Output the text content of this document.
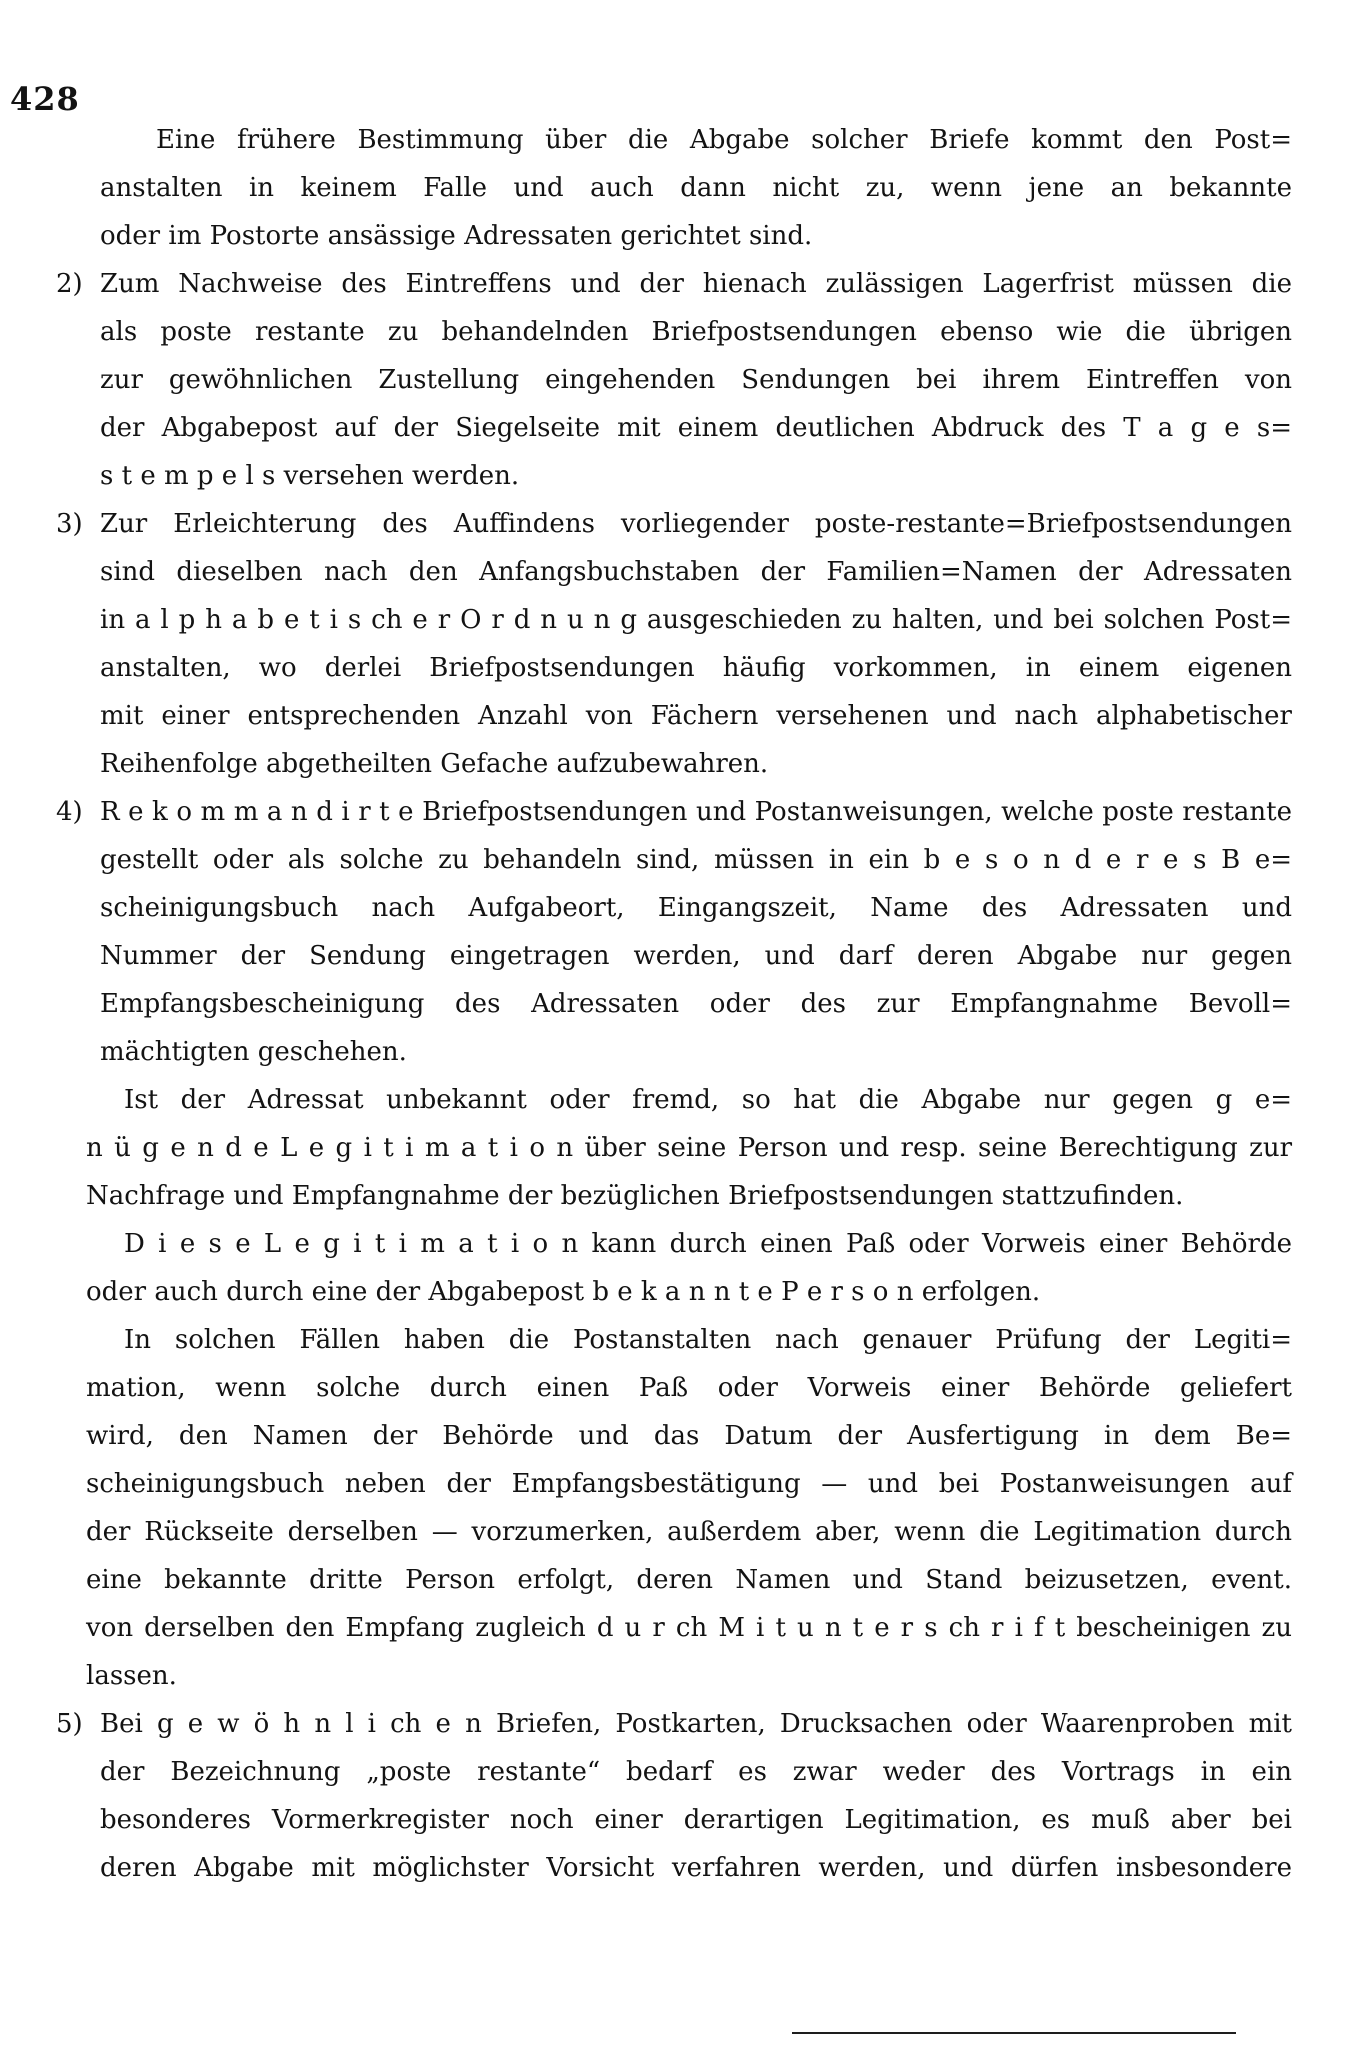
428
Eine frühere Bestimmung über die Abgabe solcher Briefe kommt den Post=
anstalten in keinem Falle und auch dann nicht zu, wenn jene an bekannte
oder im Postorte ansässige Adressaten gerichtet sind.
2) Zum Nachweise des Eintreffens und der hienach zulässigen Lagerfrist müssen die
als poste restante zu behandelnden Briefpostsendungen ebenso wie die übrigen
zur gewöhnlichen Zustellung eingehenden Sendungen bei ihrem Eintreffen von
der Abgabepost auf der Siegelseite mit einem deutlichen Abdruck des T a g e s=
s t e m p e l s versehen werden.
3) Zur Erleichterung des Auffindens vorliegender poste-restante=Briefpostsendungen
sind dieselben nach den Anfangsbuchstaben der Familien=Namen der Adressaten
in a l p h a b e t i s ch e r O r d n u n g ausgeschieden zu halten, und bei solchen Post=
anstalten, wo derlei Briefpostsendungen häufig vorkommen, in einem eigenen
mit einer entsprechenden Anzahl von Fächern versehenen und nach alphabetischer
Reihenfolge abgetheilten Gefache aufzubewahren.
4) R e k o m m a n d i r t e Briefpostsendungen und Postanweisungen, welche poste restante
gestellt oder als solche zu behandeln sind, müssen in ein b e s o n d e r e s B e=
scheinigungsbuch nach Aufgabeort, Eingangszeit, Name des Adressaten und
Nummer der Sendung eingetragen werden, und darf deren Abgabe nur gegen
Empfangsbescheinigung des Adressaten oder des zur Empfangnahme Bevoll=
mächtigten geschehen.
Ist der Adressat unbekannt oder fremd, so hat die Abgabe nur gegen g e=
n ü g e n d e L e g i t i m a t i o n über seine Person und resp. seine Berechtigung zur
Nachfrage und Empfangnahme der bezüglichen Briefpostsendungen stattzufinden.
D i e s e L e g i t i m a t i o n kann durch einen Paß oder Vorweis einer Behörde
oder auch durch eine der Abgabepost b e k a n n t e P e r s o n erfolgen.
In solchen Fällen haben die Postanstalten nach genauer Prüfung der Legiti=
mation, wenn solche durch einen Paß oder Vorweis einer Behörde geliefert
wird, den Namen der Behörde und das Datum der Ausfertigung in dem Be=
scheinigungsbuch neben der Empfangsbestätigung — und bei Postanweisungen auf
der Rückseite derselben — vorzumerken, außerdem aber, wenn die Legitimation durch
eine bekannte dritte Person erfolgt, deren Namen und Stand beizusetzen, event.
von derselben den Empfang zugleich d u r ch M i t u n t e r s ch r i f t bescheinigen zu lassen.
5) Bei g e w ö h n l i ch e n Briefen, Postkarten, Drucksachen oder Waarenproben mit
der Bezeichnung „poste restante“ bedarf es zwar weder des Vortrags in ein
besonderes Vormerkregister noch einer derartigen Legitimation, es muß aber bei
deren Abgabe mit möglichster Vorsicht verfahren werden, und dürfen insbesondere
